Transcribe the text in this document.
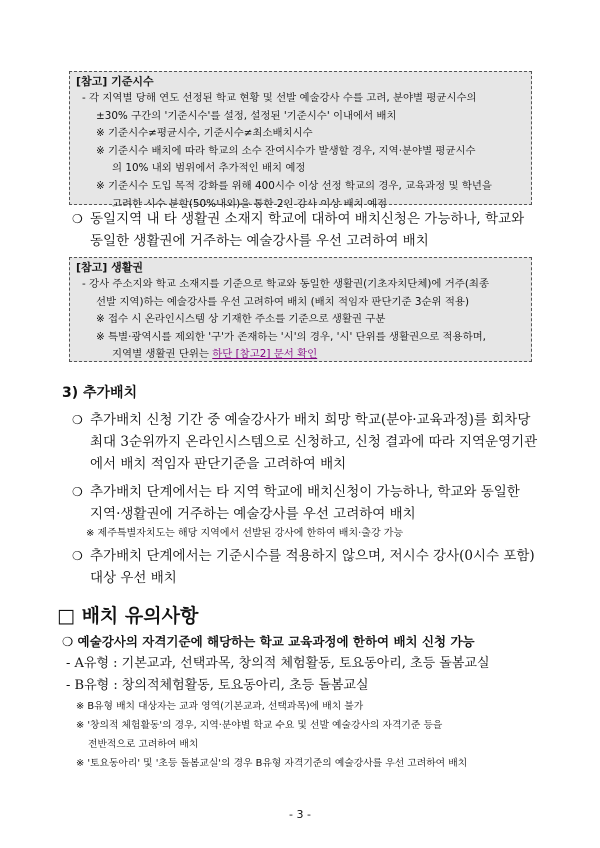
[참고] 기준시수

- 각 지역별 당해 연도 선정된 학교 현황 및 선발 예술강사 수를 고려, 분야별 평균시수의

±30% 구간의 '기준시수'를 설정, 설정된 '기준시수' 이내에서 배치

※ 기준시수≠평균시수, 기준시수≠최소배치시수

※ 기준시수 배치에 따라 학교의 소수 잔여시수가 발생할 경우, 지역·분야별 평균시수

의 10% 내외 범위에서 추가적인 배치 예정

※ 기준시수 도입 목적 강화를 위해 400시수 이상 선정 학교의 경우, 교육과정 및 학년을

고려한 시수 분할(50%내외)을 통한 2인 강사 이상 배치 예정

❍ 동일지역 내 타 생활권 소재지 학교에 대하여 배치신청은 가능하나, 학교와

동일한 생활권에 거주하는 예술강사를 우선 고려하여 배치

[참고] 생활권

- 강사 주소지와 학교 소재지를 기준으로 학교와 동일한 생활권(기초자치단체)에 거주(최종

선발 지역)하는 예술강사를 우선 고려하여 배치 (배치 적임자 판단기준 3순위 적용)

※ 접수 시 온라인시스템 상 기재한 주소를 기준으로 생활권 구분

※ 특별·광역시를 제외한 '구'가 존재하는 '시'의 경우, '시' 단위를 생활권으로 적용하며,

지역별 생활권 단위는 하단 [참고2] 문서 확인

3) 추가배치

❍ 추가배치 신청 기간 중 예술강사가 배치 희망 학교(분야·교육과정)를 회차당

최대 3순위까지 온라인시스템으로 신청하고, 신청 결과에 따라 지역운영기관

에서 배치 적임자 판단기준을 고려하여 배치

❍ 추가배치 단계에서는 타 지역 학교에 배치신청이 가능하나, 학교와 동일한

지역·생활권에 거주하는 예술강사를 우선 고려하여 배치

※ 제주특별자치도는 해당 지역에서 선발된 강사에 한하여 배치·출강 가능

❍ 추가배치 단계에서는 기준시수를 적용하지 않으며, 저시수 강사(0시수 포함)

대상 우선 배치

□ 배치 유의사항
❍ 예술강사의 자격기준에 해당하는 학교 교육과정에 한하여 배치 신청 가능

- A유형 : 기본교과, 선택과목, 창의적 체험활동, 토요동아리, 초등 돌봄교실

- B유형 : 창의적체험활동, 토요동아리, 초등 돌봄교실

※ B유형 배치 대상자는 교과 영역(기본교과, 선택과목)에 배치 불가

※ '창의적 체험활동'의 경우, 지역·분야별 학교 수요 및 선발 예술강사의 자격기준 등을

전반적으로 고려하여 배치

※ '토요동아리' 및 '초등 돌봄교실'의 경우 B유형 자격기준의 예술강사를 우선 고려하여 배치

- 3 -
